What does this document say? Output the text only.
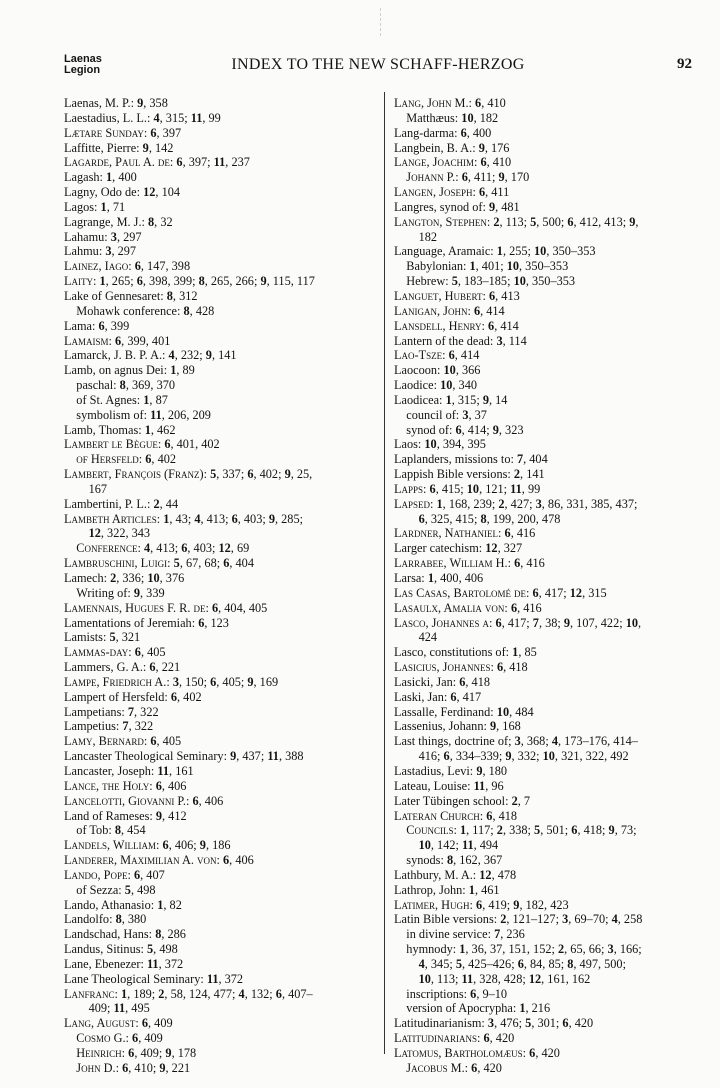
Laenas
Legion	INDEX TO THE NEW SCHAFF-HERZOG	92
Laenas, M. P.: 9, 358
Laestadius, L. L.: 4, 315; 11, 99
Lætare Sunday: 6, 397
Laffitte, Pierre: 9, 142
Lagarde, Paul A. de: 6, 397; 11, 237
Lagash: 1, 400
Lagny, Odo de: 12, 104
Lagos: 1, 71
Lagrange, M. J.: 8, 32
Lahamu: 3, 297
Lahmu: 3, 297
Lainez, Iago: 6, 147, 398
Laity: 1, 265; 6, 398, 399; 8, 265, 266; 9, 115, 117
Lake of Gennesaret: 8, 312
Mohawk conference: 8, 428
Lama: 6, 399
Lamaism: 6, 399, 401
Lamarck, J. B. P. A.: 4, 232; 9, 141
Lamb, on agnus Dei: 1, 89
paschal: 8, 369, 370
of St. Agnes: 1, 87
symbolism of: 11, 206, 209
Lamb, Thomas: 1, 462
Lambert le Bègue: 6, 401, 402
of Hersfeld: 6, 402
Lambert, François (Franz): 5, 337; 6, 402; 9, 25,
167
Lambertini, P. L.: 2, 44
Lambeth Articles: 1, 43; 4, 413; 6, 403; 9, 285;
12, 322, 343
Conference: 4, 413; 6, 403; 12, 69
Lambruschini, Luigi: 5, 67, 68; 6, 404
Lamech: 2, 336; 10, 376
Writing of: 9, 339
Lamennais, Hugues F. R. de: 6, 404, 405
Lamentations of Jeremiah: 6, 123
Lamists: 5, 321
Lammas-day: 6, 405
Lammers, G. A.: 6, 221
Lampe, Friedrich A.: 3, 150; 6, 405; 9, 169
Lampert of Hersfeld: 6, 402
Lampetians: 7, 322
Lampetius: 7, 322
Lamy, Bernard: 6, 405
Lancaster Theological Seminary: 9, 437; 11, 388
Lancaster, Joseph: 11, 161
Lance, the Holy: 6, 406
Lancelotti, Giovanni P.: 6, 406
Land of Rameses: 9, 412
of Tob: 8, 454
Landels, William: 6, 406; 9, 186
Landerer, Maximilian A. von: 6, 406
Lando, Pope: 6, 407
of Sezza: 5, 498
Lando, Athanasio: 1, 82
Landolfo: 8, 380
Landschad, Hans: 8, 286
Landus, Sitinus: 5, 498
Lane, Ebenezer: 11, 372
Lane Theological Seminary: 11, 372
Lanfranc: 1, 189; 2, 58, 124, 477; 4, 132; 6, 407–
409; 11, 495
Lang, August: 6, 409
Cosmo G.: 6, 409
Heinrich: 6, 409; 9, 178
John D.: 6, 410; 9, 221
Lang, John M.: 6, 410
Matthæus: 10, 182
Lang-darma: 6, 400
Langbein, B. A.: 9, 176
Lange, Joachim: 6, 410
Johann P.: 6, 411; 9, 170
Langen, Joseph: 6, 411
Langres, synod of: 9, 481
Langton, Stephen: 2, 113; 5, 500; 6, 412, 413; 9,
182
Language, Aramaic: 1, 255; 10, 350–353
Babylonian: 1, 401; 10, 350–353
Hebrew: 5, 183–185; 10, 350–353
Languet, Hubert: 6, 413
Lanigan, John: 6, 414
Lansdell, Henry: 6, 414
Lantern of the dead: 3, 114
Lao-Tsze: 6, 414
Laocoon: 10, 366
Laodice: 10, 340
Laodicea: 1, 315; 9, 14
council of: 3, 37
synod of: 6, 414; 9, 323
Laos: 10, 394, 395
Laplanders, missions to: 7, 404
Lappish Bible versions: 2, 141
Lapps: 6, 415; 10, 121; 11, 99
Lapsed: 1, 168, 239; 2, 427; 3, 86, 331, 385, 437;
6, 325, 415; 8, 199, 200, 478
Lardner, Nathaniel: 6, 416
Larger catechism: 12, 327
Larrabee, William H.: 6, 416
Larsa: 1, 400, 406
Las Casas, Bartolomé de: 6, 417; 12, 315
Lasaulx, Amalia von: 6, 416
Lasco, Johannes a: 6, 417; 7, 38; 9, 107, 422; 10,
424
Lasco, constitutions of: 1, 85
Lasicius, Johannes: 6, 418
Lasicki, Jan: 6, 418
Laski, Jan: 6, 417
Lassalle, Ferdinand: 10, 484
Lassenius, Johann: 9, 168
Last things, doctrine of; 3, 368; 4, 173–176, 414–
416; 6, 334–339; 9, 332; 10, 321, 322, 492
Lastadius, Levi: 9, 180
Lateau, Louise: 11, 96
Later Tübingen school: 2, 7
Lateran Church: 6, 418
Councils: 1, 117; 2, 338; 5, 501; 6, 418; 9, 73;
10, 142; 11, 494
synods: 8, 162, 367
Lathbury, M. A.: 12, 478
Lathrop, John: 1, 461
Latimer, Hugh: 6, 419; 9, 182, 423
Latin Bible versions: 2, 121–127; 3, 69–70; 4, 258
in divine service: 7, 236
hymnody: 1, 36, 37, 151, 152; 2, 65, 66; 3, 166;
4, 345; 5, 425–426; 6, 84, 85; 8, 497, 500;
10, 113; 11, 328, 428; 12, 161, 162
inscriptions: 6, 9–10
version of Apocrypha: 1, 216
Latitudinarianism: 3, 476; 5, 301; 6, 420
Latitudinarians: 6, 420
Latomus, Bartholomæus: 6, 420
Jacobus M.: 6, 420
